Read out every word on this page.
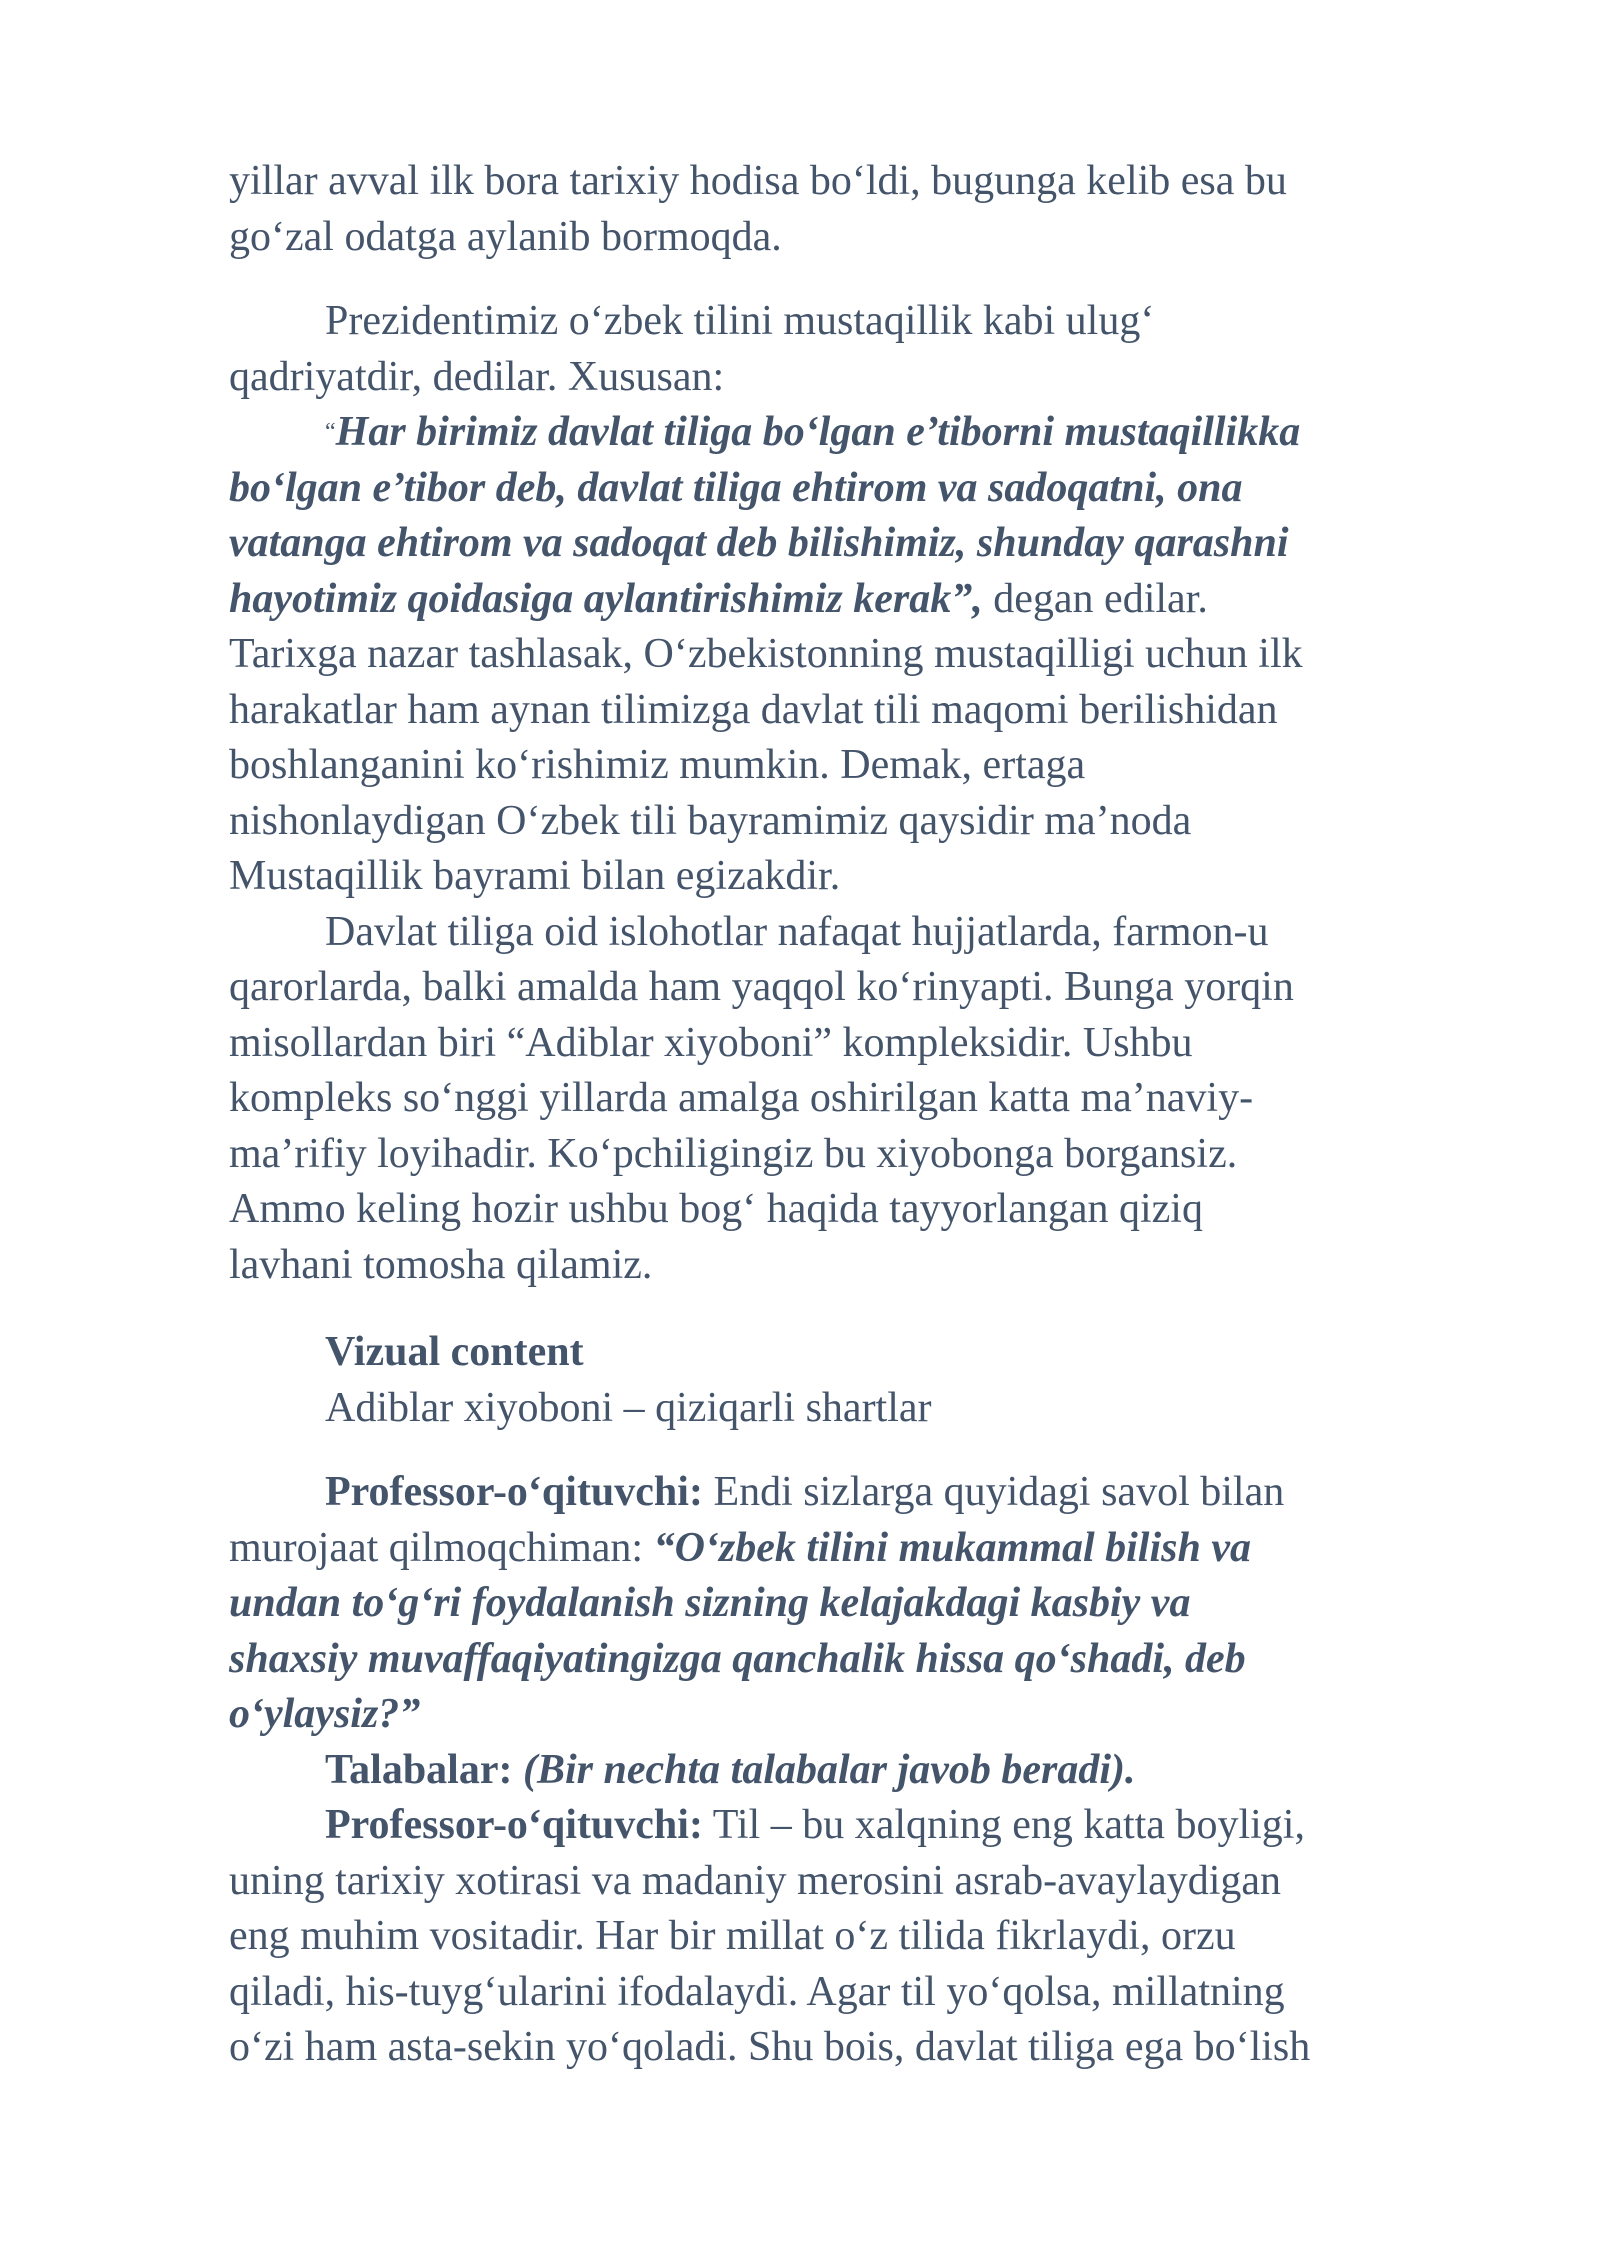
yillar avval ilk bora tarixiy hodisa bo‘ldi, bugunga kelib esa bu

go‘zal odatga aylanib bormoqda.

Prezidentimiz o‘zbek tilini mustaqillik kabi ulug‘

qadriyatdir, dedilar. Xususan:

“Har birimiz davlat tiliga bo‘lgan e’tiborni mustaqillikka

bo‘lgan e’tibor deb, davlat tiliga ehtirom va sadoqatni, ona

vatanga ehtirom va sadoqat deb bilishimiz, shunday qarashni

hayotimiz qoidasiga aylantirishimiz kerak”, degan edilar.

Tarixga nazar tashlasak, O‘zbekistonning mustaqilligi uchun ilk

harakatlar ham aynan tilimizga davlat tili maqomi berilishidan

boshlanganini ko‘rishimiz mumkin. Demak, ertaga

nishonlaydigan O‘zbek tili bayramimiz qaysidir ma’noda

Mustaqillik bayrami bilan egizakdir.

Davlat tiliga oid islohotlar nafaqat hujjatlarda, farmon-u

qarorlarda, balki amalda ham yaqqol ko‘rinyapti. Bunga yorqin

misollardan biri “Adiblar xiyoboni” kompleksidir. Ushbu

kompleks so‘nggi yillarda amalga oshirilgan katta ma’naviy-

ma’rifiy loyihadir. Ko‘pchiligingiz bu xiyobonga borgansiz.

Ammo keling hozir ushbu bog‘ haqida tayyorlangan qiziq

lavhani tomosha qilamiz.

Vizual content

Adiblar xiyoboni – qiziqarli shartlar

Professor-o‘qituvchi: Endi sizlarga quyidagi savol bilan

murojaat qilmoqchiman: “O‘zbek tilini mukammal bilish va

undan to‘g‘ri foydalanish sizning kelajakdagi kasbiy va

shaxsiy muvaffaqiyatingizga qanchalik hissa qo‘shadi, deb

o‘ylaysiz?”

Talabalar: (Bir nechta talabalar javob beradi).

Professor-o‘qituvchi: Til – bu xalqning eng katta boyligi,

uning tarixiy xotirasi va madaniy merosini asrab-avaylaydigan

eng muhim vositadir. Har bir millat o‘z tilida fikrlaydi, orzu

qiladi, his-tuyg‘ularini ifodalaydi. Agar til yo‘qolsa, millatning

o‘zi ham asta-sekin yo‘qoladi. Shu bois, davlat tiliga ega bo‘lish
